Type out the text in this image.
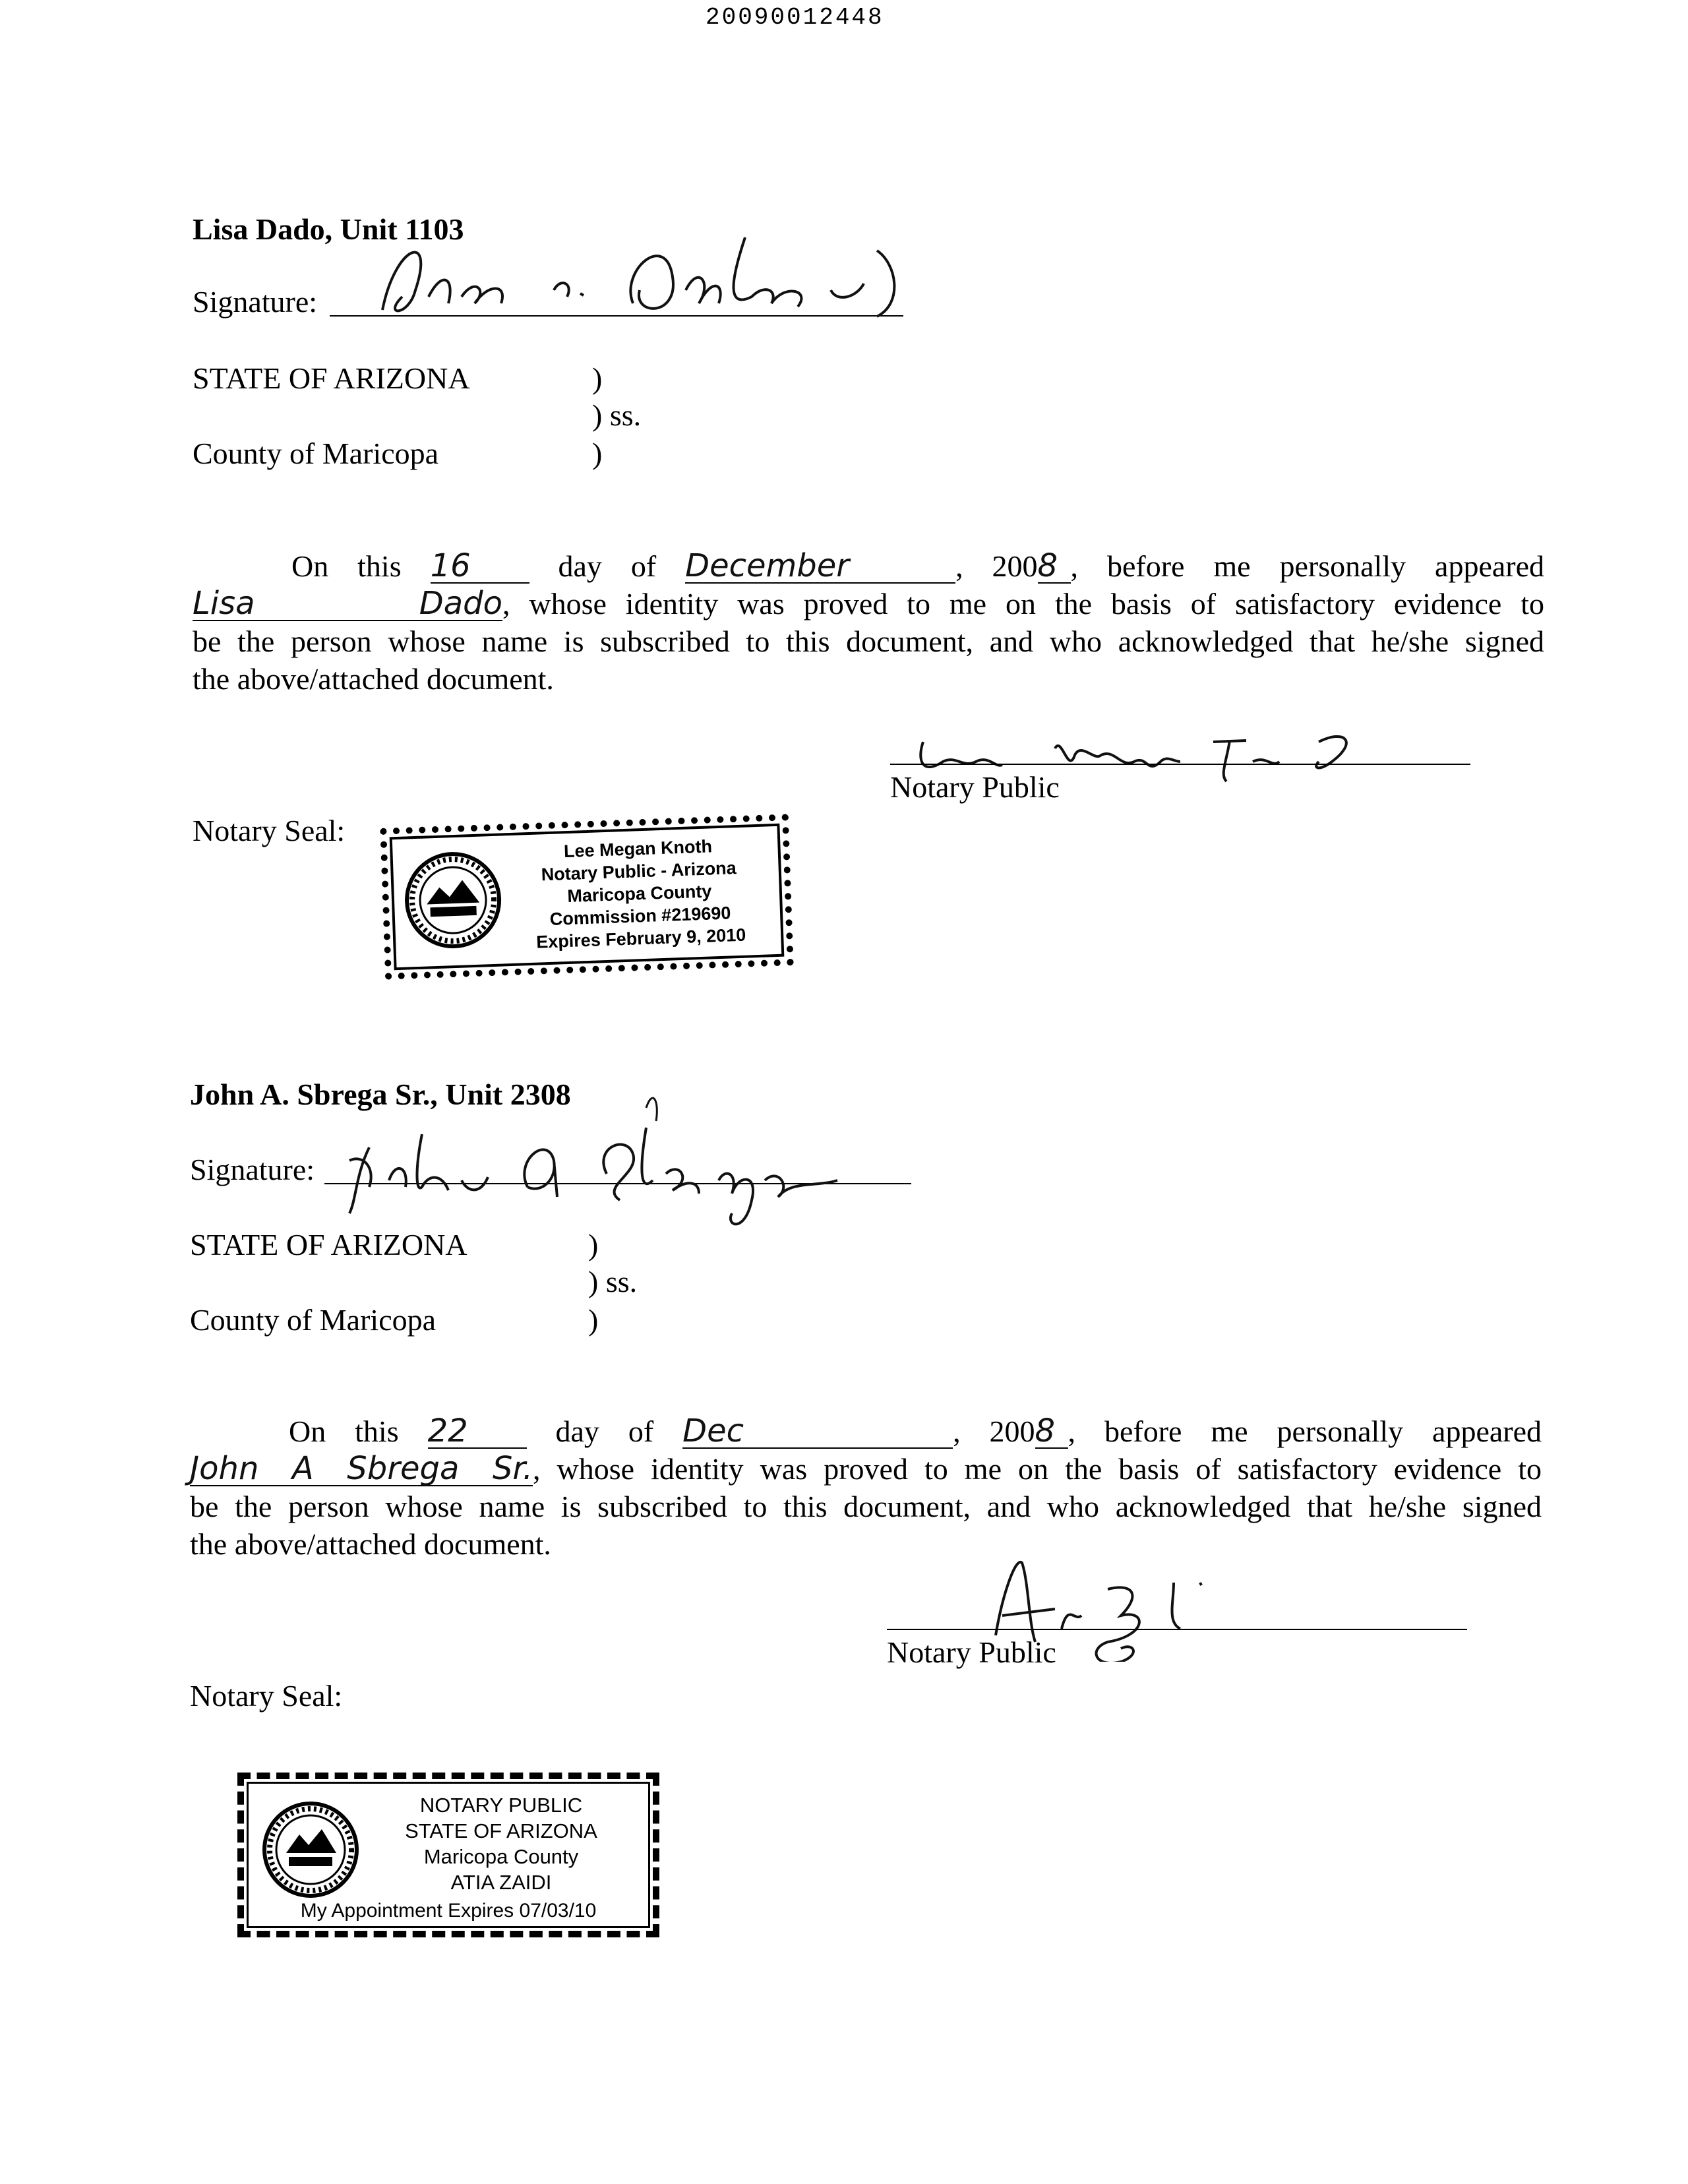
20090012448
Lisa Dado, Unit 1103
Signature:
STATE OF ARIZONA	)
) ss.
County of Maricopa	)
On this 16	day of December	, 2008 , before me personally appeared
Lisa Dado, whose identity was proved to me on the basis of satisfactory evidence to
be the person whose name is subscribed to this document, and who acknowledged that he/she signed
the above/attached document.
Notary Public
Notary Seal:
Lee Megan Knoth
Notary Public - Arizona
Maricopa County
Commission #219690
Expires February 9, 2010
John A. Sbrega Sr., Unit 2308
Signature:
STATE OF ARIZONA	)
) ss.
County of Maricopa	)
On this 22	day of Dec	, 2008 , before me personally appeared
John A Sbrega Sr., whose identity was proved to me on the basis of satisfactory evidence to
be the person whose name is subscribed to this document, and who acknowledged that he/she signed
the above/attached document.
Notary Public
Notary Seal:
NOTARY PUBLIC
STATE OF ARIZONA
Maricopa County
ATIA ZAIDI
My Appointment Expires 07/03/10
